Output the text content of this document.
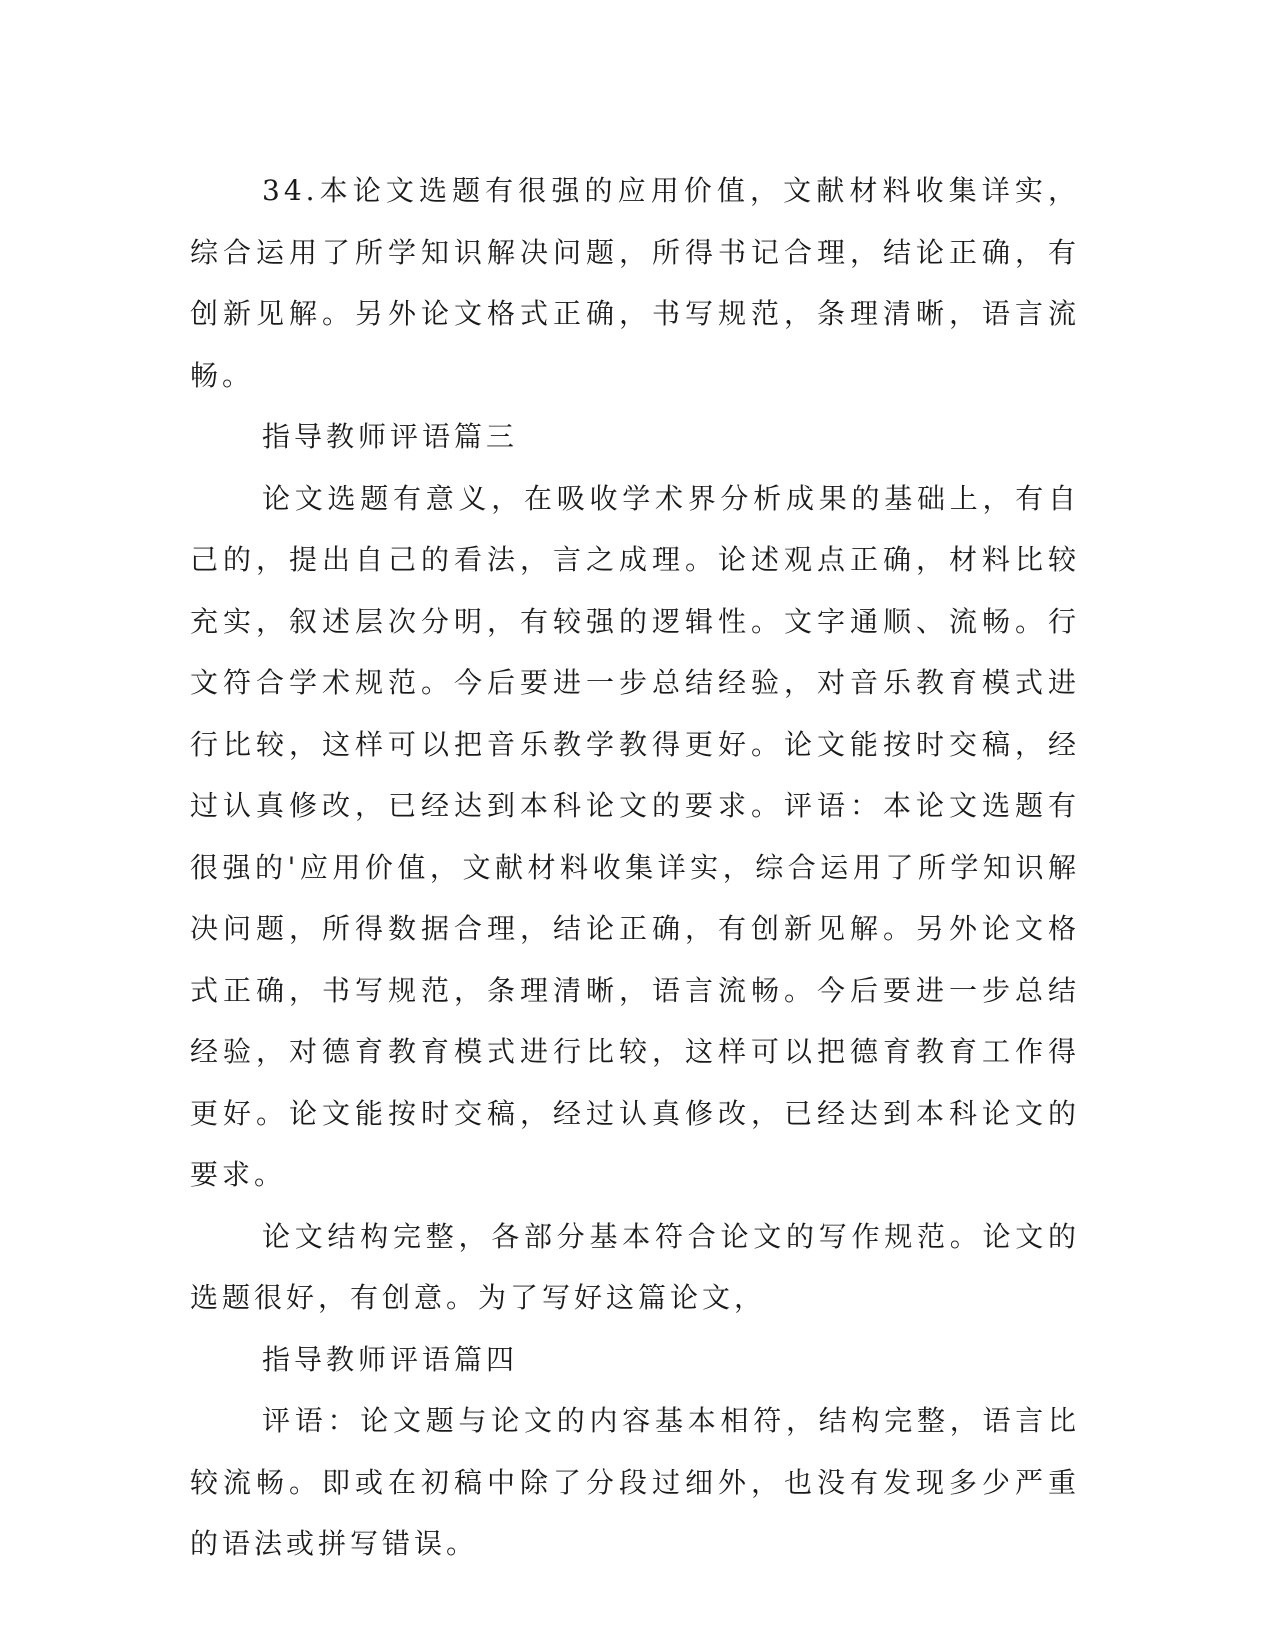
34.本论文选题有很强的应用价值，文献材料收集详实，综合运用了所学知识解决问题，所得书记合理，结论正确，有创新见解。另外论文格式正确，书写规范，条理清晰，语言流畅。

指导教师评语篇三

论文选题有意义，在吸收学术界分析成果的基础上，有自己的，提出自己的看法，言之成理。论述观点正确，材料比较充实，叙述层次分明，有较强的逻辑性。文字通顺、流畅。行文符合学术规范。今后要进一步总结经验，对音乐教育模式进行比较，这样可以把音乐教学教得更好。论文能按时交稿，经过认真修改，已经达到本科论文的要求。评语：本论文选题有很强的'应用价值，文献材料收集详实，综合运用了所学知识解决问题，所得数据合理，结论正确，有创新见解。另外论文格式正确，书写规范，条理清晰，语言流畅。今后要进一步总结经验，对德育教育模式进行比较，这样可以把德育教育工作得更好。论文能按时交稿，经过认真修改，已经达到本科论文的要求。

论文结构完整，各部分基本符合论文的写作规范。论文的选题很好，有创意。为了写好这篇论文，

指导教师评语篇四

评语：论文题与论文的内容基本相符，结构完整，语言比较流畅。即或在初稿中除了分段过细外，也没有发现多少严重的语法或拼写错误。
